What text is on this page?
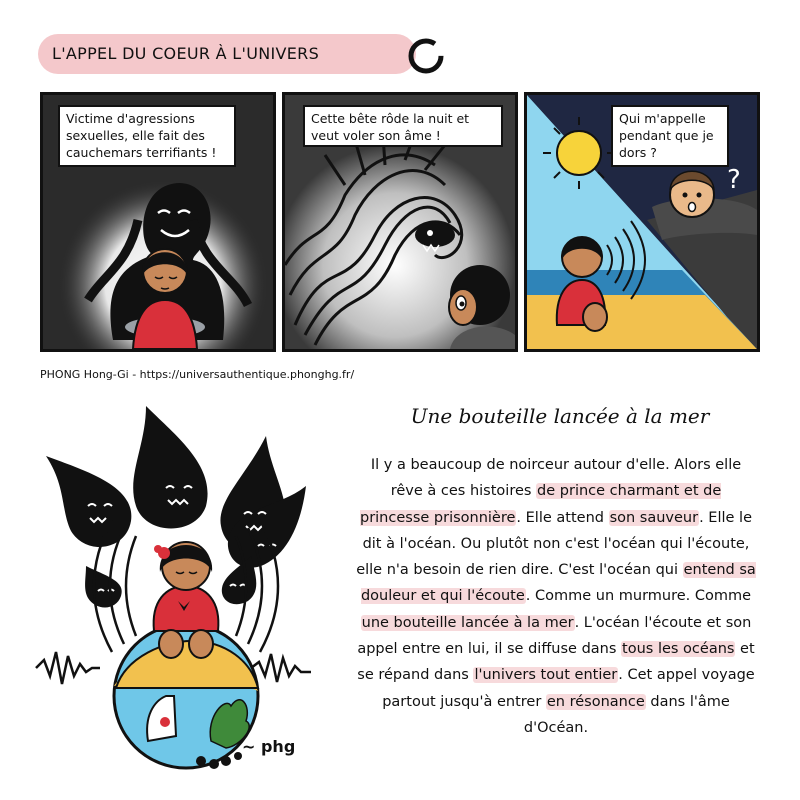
L'APPEL DU COEUR À L'UNIVERS
Victime d'agressions sexuelles, elle fait des cauchemars terrifiants !
Cette bête rôde la nuit et veut voler son âme !
Qui m'appelle pendant que je dors ?
?
PHONG Hong-Gi - https://universauthentique.phonghg.fr/
~ phg
Une bouteille lancée à la mer
Il y a beaucoup de noirceur autour d'elle. Alors elle rêve à ces histoires de prince charmant et de princesse prisonnière. Elle attend son sauveur. Elle le dit à l'océan. Ou plutôt non c'est l'océan qui l'écoute, elle n'a besoin de rien dire. C'est l'océan qui entend sa douleur et qui l'écoute. Comme un murmure. Comme une bouteille lancée à la mer. L'océan l'écoute et son appel entre en lui, il se diffuse dans tous les océans et se répand dans l'univers tout entier. Cet appel voyage partout jusqu'à entrer en résonance dans l'âme d'Océan.
